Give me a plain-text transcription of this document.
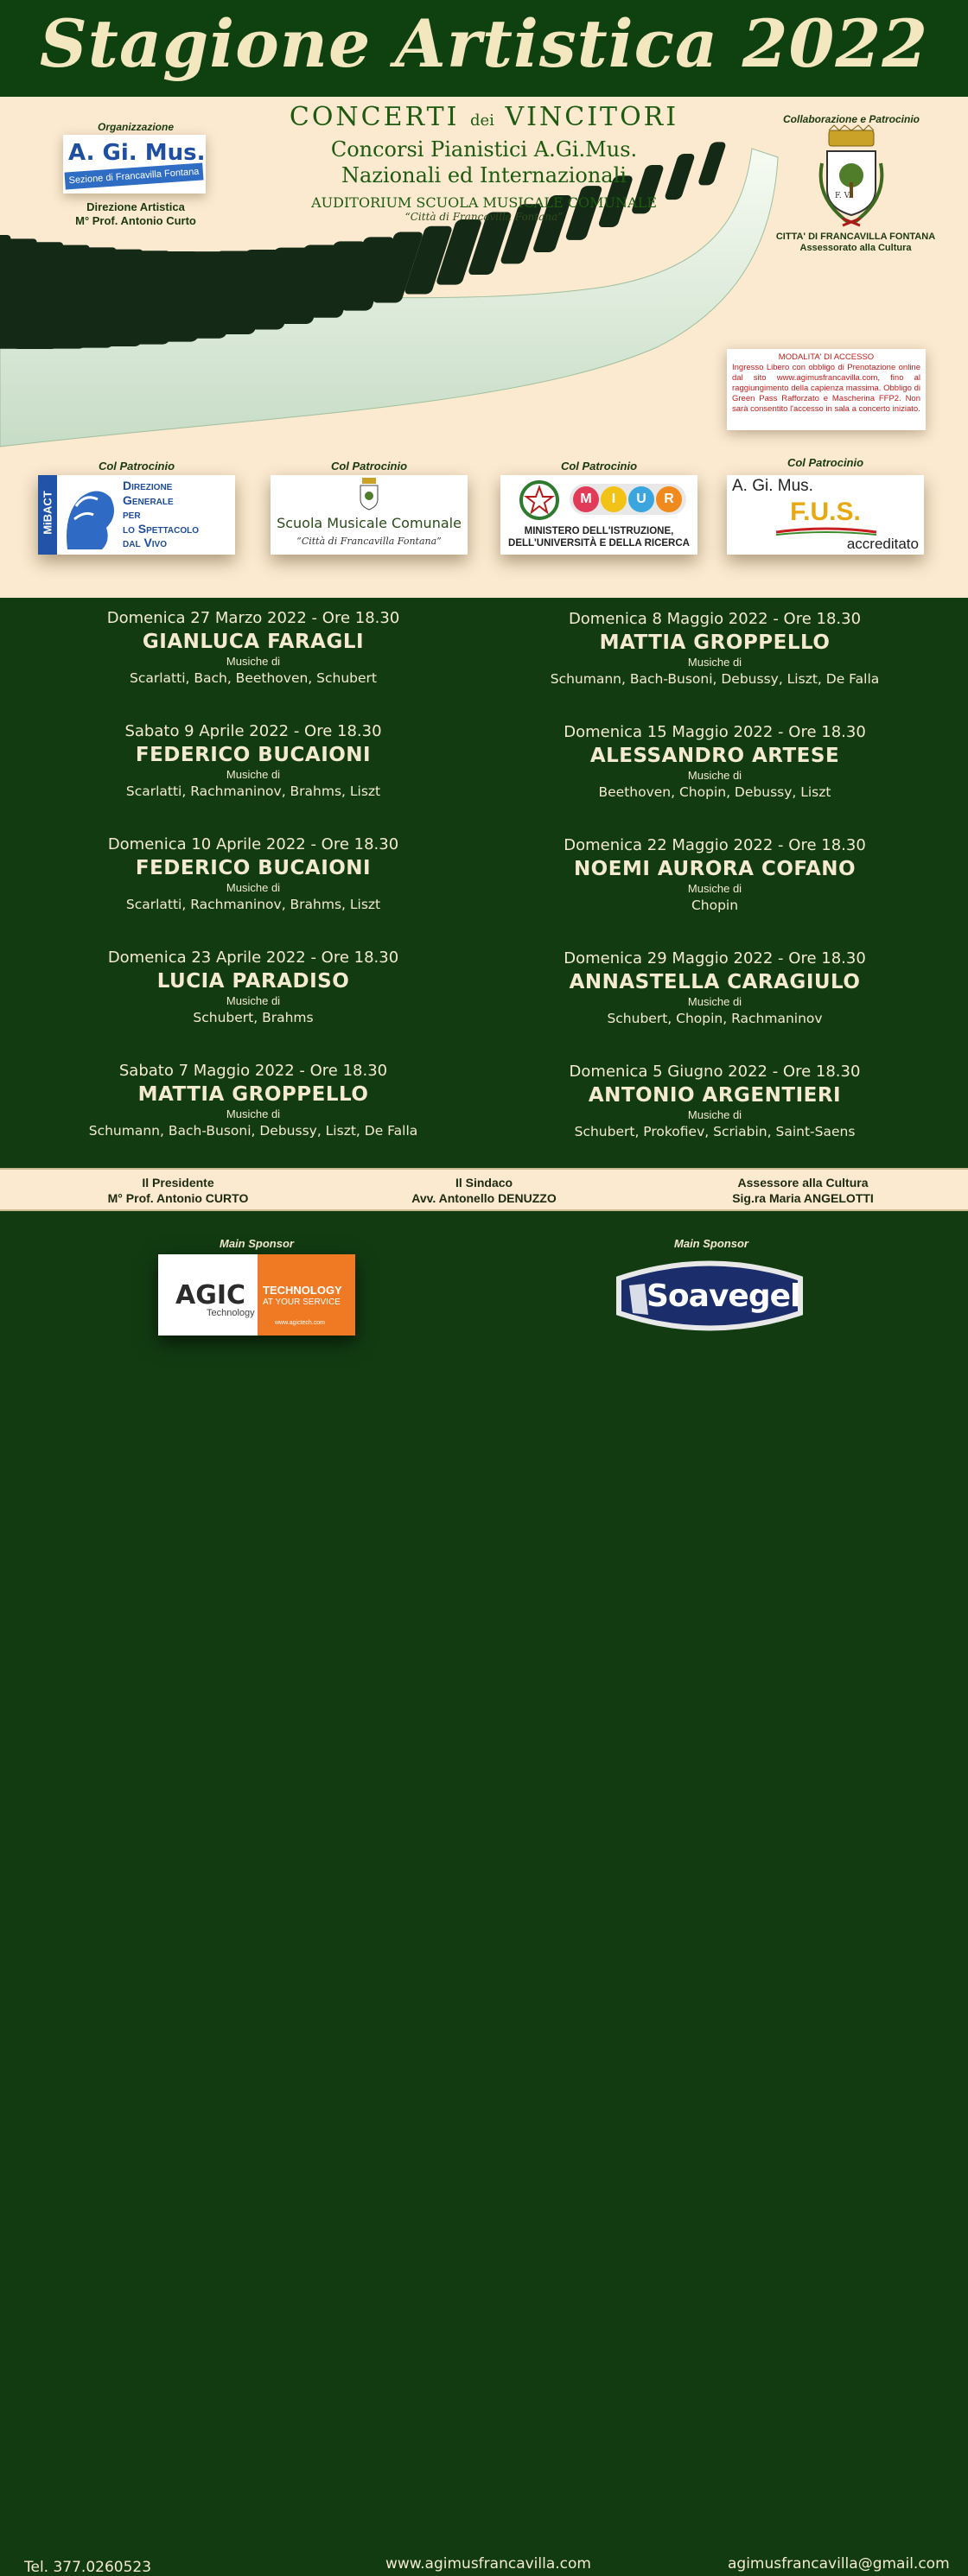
Stagione Artistica 2022
Organizzazione
A. Gi. Mus.
Sezione di Francavilla Fontana
Direzione Artistica
M° Prof. Antonio Curto
CONCERTI dei VINCITORI
Concorsi Pianistici A.Gi.Mus.
Nazionali ed Internazionali
AUDITORIUM SCUOLA MUSICALE COMUNALE
“Città di Francavilla Fontana”
Collaborazione e Patrocinio
F. V.
CITTA' DI FRANCAVILLA FONTANA
Assessorato alla Cultura
MODALITA' DI ACCESSO
Ingresso Libero con obbligo di Prenotazione online dal sito www.agimusfrancavilla.com, fino al raggiungimento della capienza massima. Obbligo di Green Pass Rafforzato e Mascherina FFP2. Non sarà consentito l'accesso in sala a concerto iniziato.
Col Patrocinio
MiBACT
Direzione
Generale
per
lo Spettacolo
dal Vivo
Col Patrocinio
Scuola Musicale Comunale
“Città di Francavilla Fontana”
Col Patrocinio
M	I	U	R
MINISTERO DELL'ISTRUZIONE,
DELL'UNIVERSITÀ E DELLA RICERCA
Col Patrocinio
A. Gi. Mus.
F.U.S.
accreditato
Domenica 27 Marzo 2022 - Ore 18.30
GIANLUCA FARAGLI
Musiche di
Scarlatti, Bach, Beethoven, Schubert
Domenica 8 Maggio 2022 - Ore 18.30
MATTIA GROPPELLO
Musiche di
Schumann, Bach-Busoni, Debussy, Liszt, De Falla
Sabato 9 Aprile 2022 - Ore 18.30
FEDERICO BUCAIONI
Musiche di
Scarlatti, Rachmaninov, Brahms, Liszt
Domenica 15 Maggio 2022 - Ore 18.30
ALESSANDRO ARTESE
Musiche di
Beethoven, Chopin, Debussy, Liszt
Domenica 10 Aprile 2022 - Ore 18.30
FEDERICO BUCAIONI
Musiche di
Scarlatti, Rachmaninov, Brahms, Liszt
Domenica 22 Maggio 2022 - Ore 18.30
NOEMI AURORA COFANO
Musiche di
Chopin
Domenica 23 Aprile 2022 - Ore 18.30
LUCIA PARADISO
Musiche di
Schubert, Brahms
Domenica 29 Maggio 2022 - Ore 18.30
ANNASTELLA CARAGIULO
Musiche di
Schubert, Chopin, Rachmaninov
Sabato 7 Maggio 2022 - Ore 18.30
MATTIA GROPPELLO
Musiche di
Schumann, Bach-Busoni, Debussy, Liszt, De Falla
Domenica 5 Giugno 2022 - Ore 18.30
ANTONIO ARGENTIERI
Musiche di
Schubert, Prokofiev, Scriabin, Saint-Saens
Il Presidente
M° Prof. Antonio CURTO
Il Sindaco
Avv. Antonello DENUZZO
Assessore alla Cultura
Sig.ra Maria ANGELOTTI
Main Sponsor
AGIC
Technology
TECHNOLOGY
AT YOUR SERVICE
www.agictech.com
Main Sponsor
Soavegel
Tel. 377.0260523	www.agimusfrancavilla.com	agimusfrancavilla@gmail.com
